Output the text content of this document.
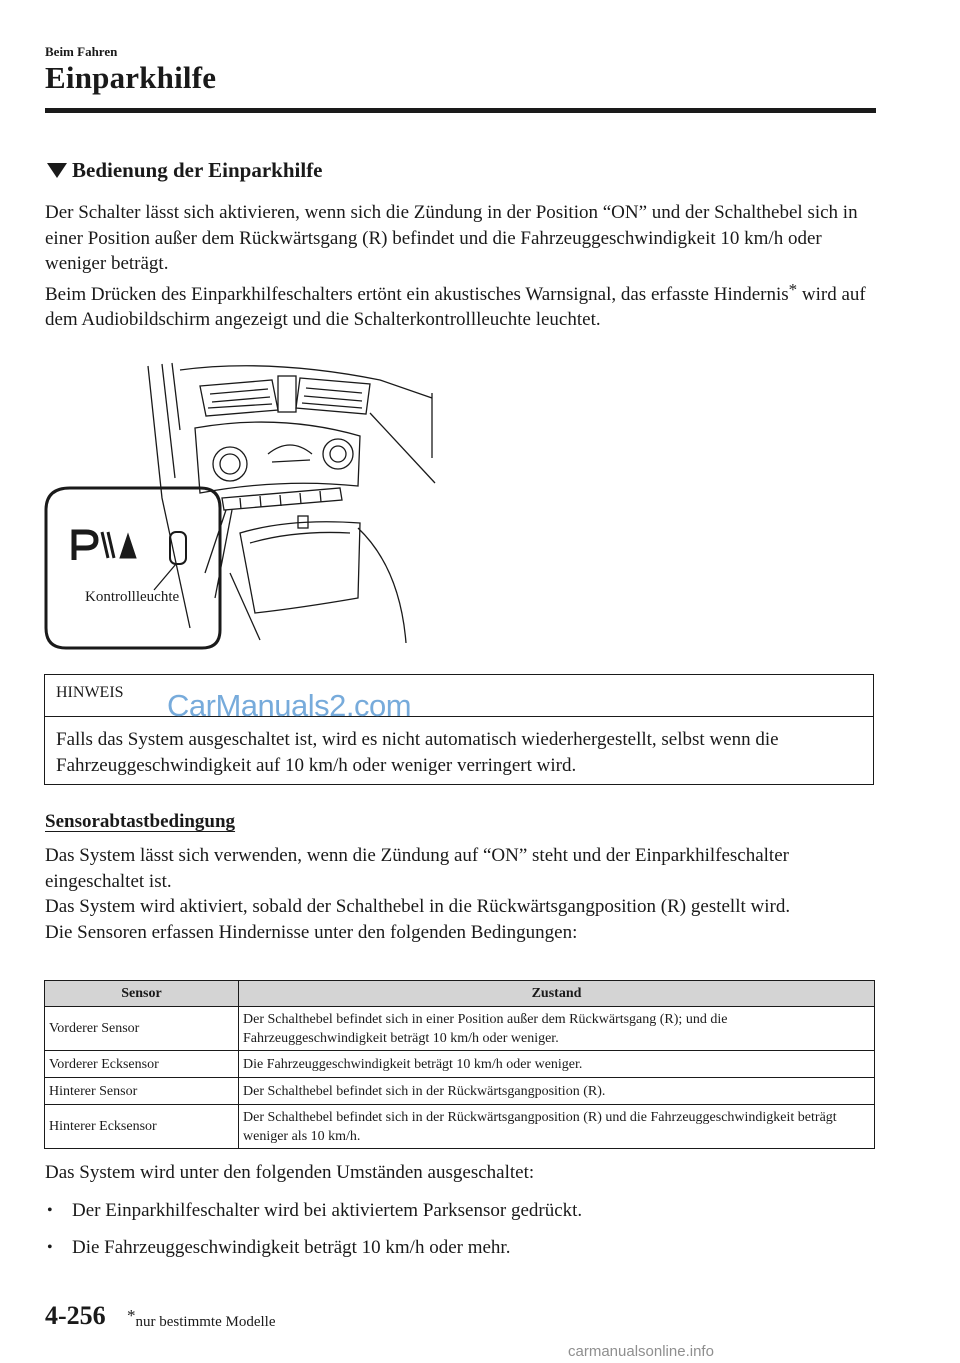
Beim Fahren
Einparkhilfe
Bedienung der Einparkhilfe

Der Schalter lässt sich aktivieren, wenn sich die Zündung in der Position “ON” und der Schalthebel sich in einer Position außer dem Rückwärtsgang (R) befindet und die Fahrzeuggeschwindigkeit 10 km/h oder weniger beträgt.

Beim Drücken des Einparkhilfeschalters ertönt ein akustisches Warnsignal, das erfasste Hindernis* wird auf dem Audiobildschirm angezeigt und die Schalterkontrollleuchte leuchtet.

Kontrollleuchte
HINWEIS CarManuals2.com
Falls das System ausgeschaltet ist, wird es nicht automatisch wiederhergestellt, selbst wenn die Fahrzeuggeschwindigkeit auf 10 km/h oder weniger verringert wird.
Sensorabtastbedingung

Das System lässt sich verwenden, wenn die Zündung auf “ON” steht und der Einparkhilfeschalter eingeschaltet ist.

Das System wird aktiviert, sobald der Schalthebel in die Rückwärtsgangposition (R) gestellt wird.

Die Sensoren erfassen Hindernisse unter den folgenden Bedingungen:

Sensor	Zustand
Vorderer Sensor	Der Schalthebel befindet sich in einer Position außer dem Rückwärtsgang (R); und die Fahrzeuggeschwindigkeit beträgt 10 km/h oder weniger.
Vorderer Ecksensor	Die Fahrzeuggeschwindigkeit beträgt 10 km/h oder weniger.
Hinterer Sensor	Der Schalthebel befindet sich in der Rückwärtsgangposition (R).
Hinterer Ecksensor	Der Schalthebel befindet sich in der Rückwärtsgangposition (R) und die Fahrzeuggeschwindigkeit beträgt weniger als 10 km/h.
Das System wird unter den folgenden Umständen ausgeschaltet:
•	Der Einparkhilfeschalter wird bei aktiviertem Parksensor gedrückt.
•	Die Fahrzeuggeschwindigkeit beträgt 10 km/h oder mehr.
4-256 *nur bestimmte Modelle
carmanualsonline.info
